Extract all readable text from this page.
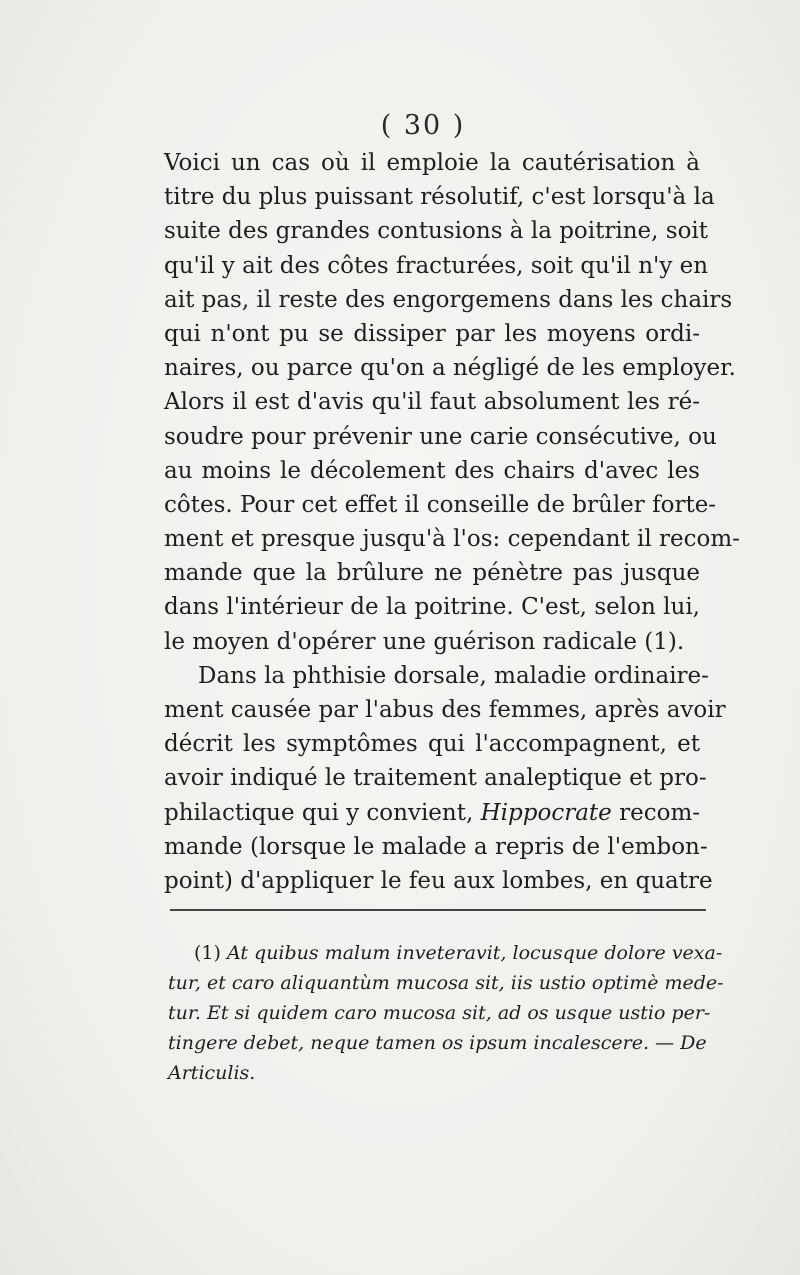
( 30 )
Voici un cas où il emploie la cautérisation à
titre du plus puissant résolutif, c'est lorsqu'à la
suite des grandes contusions à la poitrine, soit
qu'il y ait des côtes fracturées, soit qu'il n'y en
ait pas, il reste des engorgemens dans les chairs
qui n'ont pu se dissiper par les moyens ordi-
naires, ou parce qu'on a négligé de les employer.
Alors il est d'avis qu'il faut absolument les ré-
soudre pour prévenir une carie consécutive, ou
au moins le décolement des chairs d'avec les
côtes. Pour cet effet il conseille de brûler forte-
ment et presque jusqu'à l'os: cependant il recom-
mande que la brûlure ne pénètre pas jusque
dans l'intérieur de la poitrine. C'est, selon lui,
le moyen d'opérer une guérison radicale (1).
Dans la phthisie dorsale, maladie ordinaire-
ment causée par l'abus des femmes, après avoir
décrit les symptômes qui l'accompagnent, et
avoir indiqué le traitement analeptique et pro-
philactique qui y convient, Hippocrate recom-
mande (lorsque le malade a repris de l'embon-
point) d'appliquer le feu aux lombes, en quatre
(1) At quibus malum inveteravit, locusque dolore vexa-
tur, et caro aliquantùm mucosa sit, iis ustio optimè mede-
tur. Et si quidem caro mucosa sit, ad os usque ustio per-
tingere debet, neque tamen os ipsum incalescere. — De
Articulis.
